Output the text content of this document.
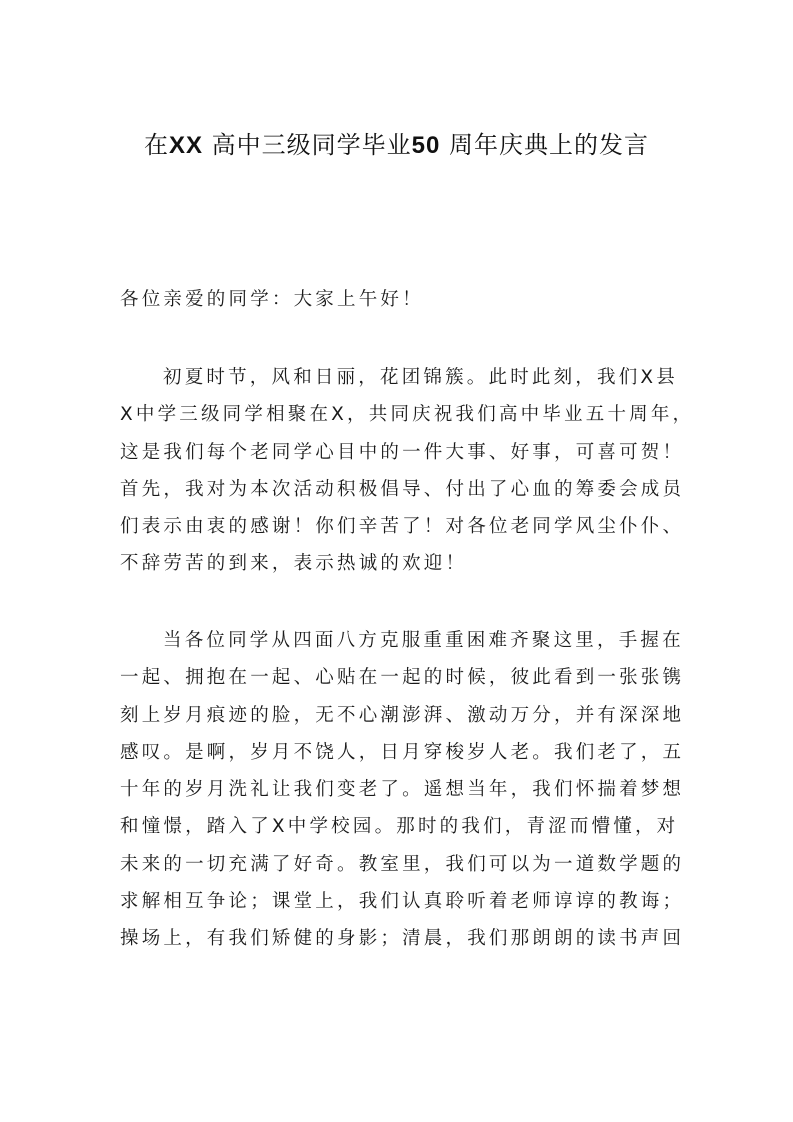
在XX 高中三级同学毕业50 周年庆典上的发言
各位亲爱的同学：大家上午好！
初夏时节，风和日丽，花团锦簇。此时此刻，我们X县
X中学三级同学相聚在X，共同庆祝我们高中毕业五十周年，
这是我们每个老同学心目中的一件大事、好事，可喜可贺！
首先，我对为本次活动积极倡导、付出了心血的筹委会成员
们表示由衷的感谢！你们辛苦了！对各位老同学风尘仆仆、
不辞劳苦的到来，表示热诚的欢迎！
当各位同学从四面八方克服重重困难齐聚这里，手握在
一起、拥抱在一起、心贴在一起的时候，彼此看到一张张镌
刻上岁月痕迹的脸，无不心潮澎湃、激动万分，并有深深地
感叹。是啊，岁月不饶人，日月穿梭岁人老。我们老了，五
十年的岁月洗礼让我们变老了。遥想当年，我们怀揣着梦想
和憧憬，踏入了X中学校园。那时的我们，青涩而懵懂，对
未来的一切充满了好奇。教室里，我们可以为一道数学题的
求解相互争论；课堂上，我们认真聆听着老师谆谆的教诲；
操场上，有我们矫健的身影；清晨，我们那朗朗的读书声回
